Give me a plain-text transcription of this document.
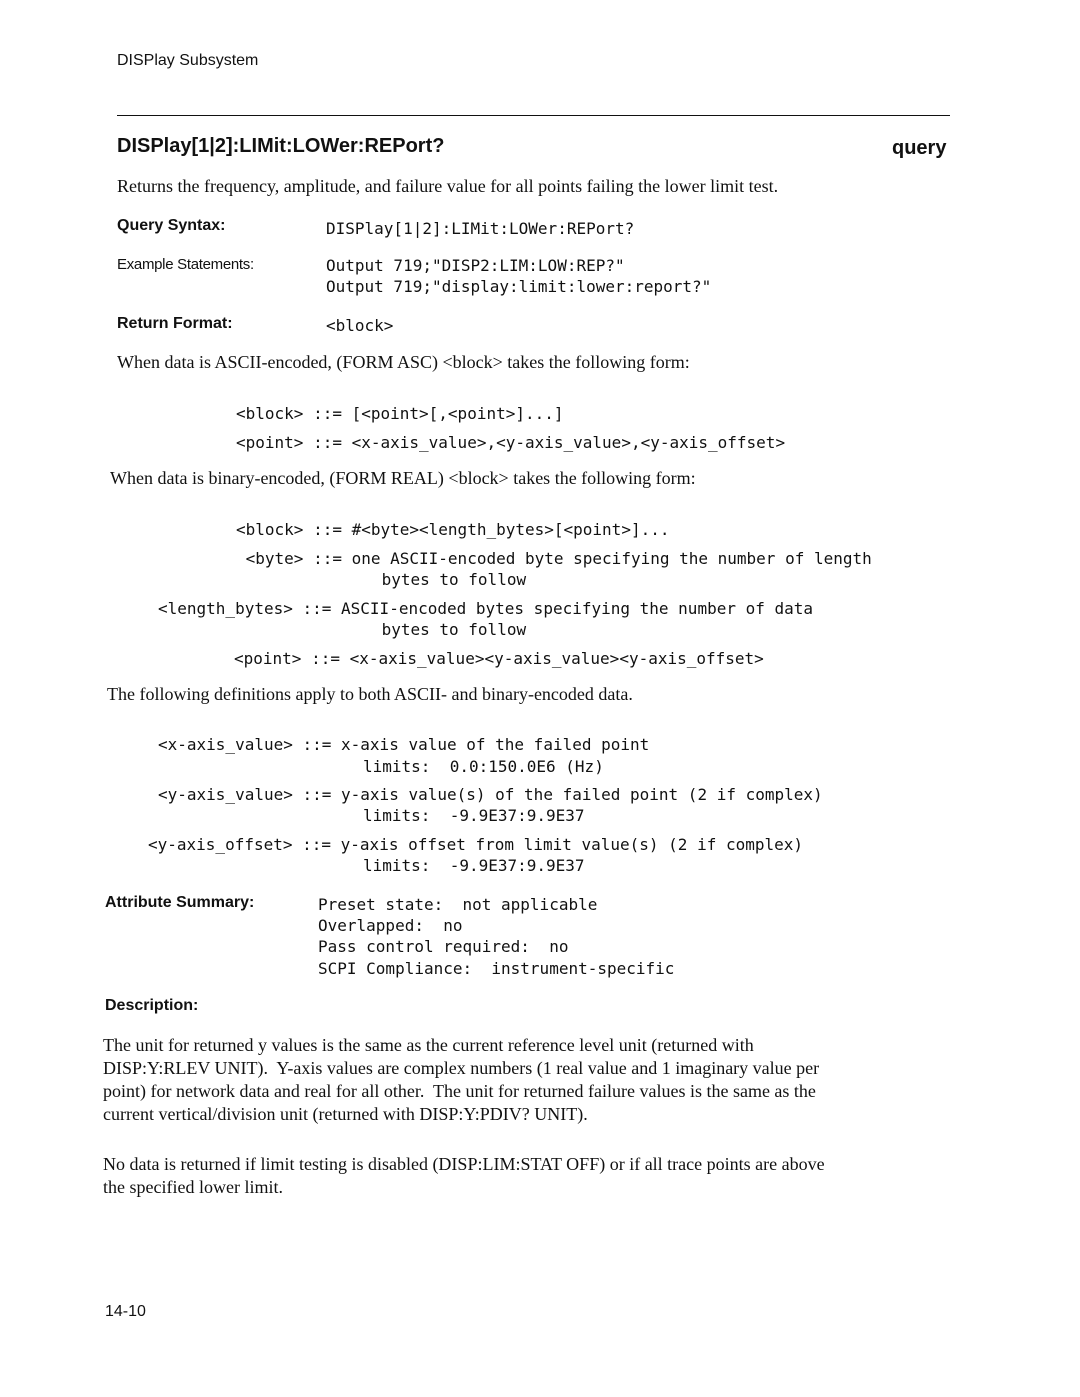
DISPlay Subsystem
DISPlay[1|2]:LIMit:LOWer:REPort?	query
Returns the frequency, amplitude, and failure value for all points failing the lower limit test.
Query Syntax:	DISPlay[1|2]:LIMit:LOWer:REPort?
Example Statements:	Output 719;"DISP2:LIM:LOW:REP?"
Output 719;"display:limit:lower:report?"
Return Format:	<block>
When data is ASCII-encoded, (FORM ASC) <block> takes the following form:
<block> ::= [<point>[,<point>]...]
<point> ::= <x-axis_value>,<y-axis_value>,<y-axis_offset>
When data is binary-encoded, (FORM REAL) <block> takes the following form:
<block> ::= #<byte><length_bytes>[<point>]...
<byte> ::= one ASCII-encoded byte specifying the number of length
bytes to follow
<length_bytes> ::= ASCII-encoded bytes specifying the number of data
bytes to follow
<point> ::= <x-axis_value><y-axis_value><y-axis_offset>
The following definitions apply to both ASCII- and binary-encoded data.
<x-axis_value> ::= x-axis value of the failed point
limits:  0.0:150.0E6 (Hz)
<y-axis_value> ::= y-axis value(s) of the failed point (2 if complex)
limits:  -9.9E37:9.9E37
<y-axis_offset> ::= y-axis offset from limit value(s) (2 if complex)
limits:  -9.9E37:9.9E37
Attribute Summary:	Preset state:  not applicable
Overlapped:  no
Pass control required:  no
SCPI Compliance:  instrument-specific
Description:
The unit for returned y values is the same as the current reference level unit (returned with
DISP:Y:RLEV UNIT).  Y-axis values are complex numbers (1 real value and 1 imaginary value per
point) for network data and real for all other.  The unit for returned failure values is the same as the
current vertical/division unit (returned with DISP:Y:PDIV? UNIT).
No data is returned if limit testing is disabled (DISP:LIM:STAT OFF) or if all trace points are above
the specified lower limit.
14-10
